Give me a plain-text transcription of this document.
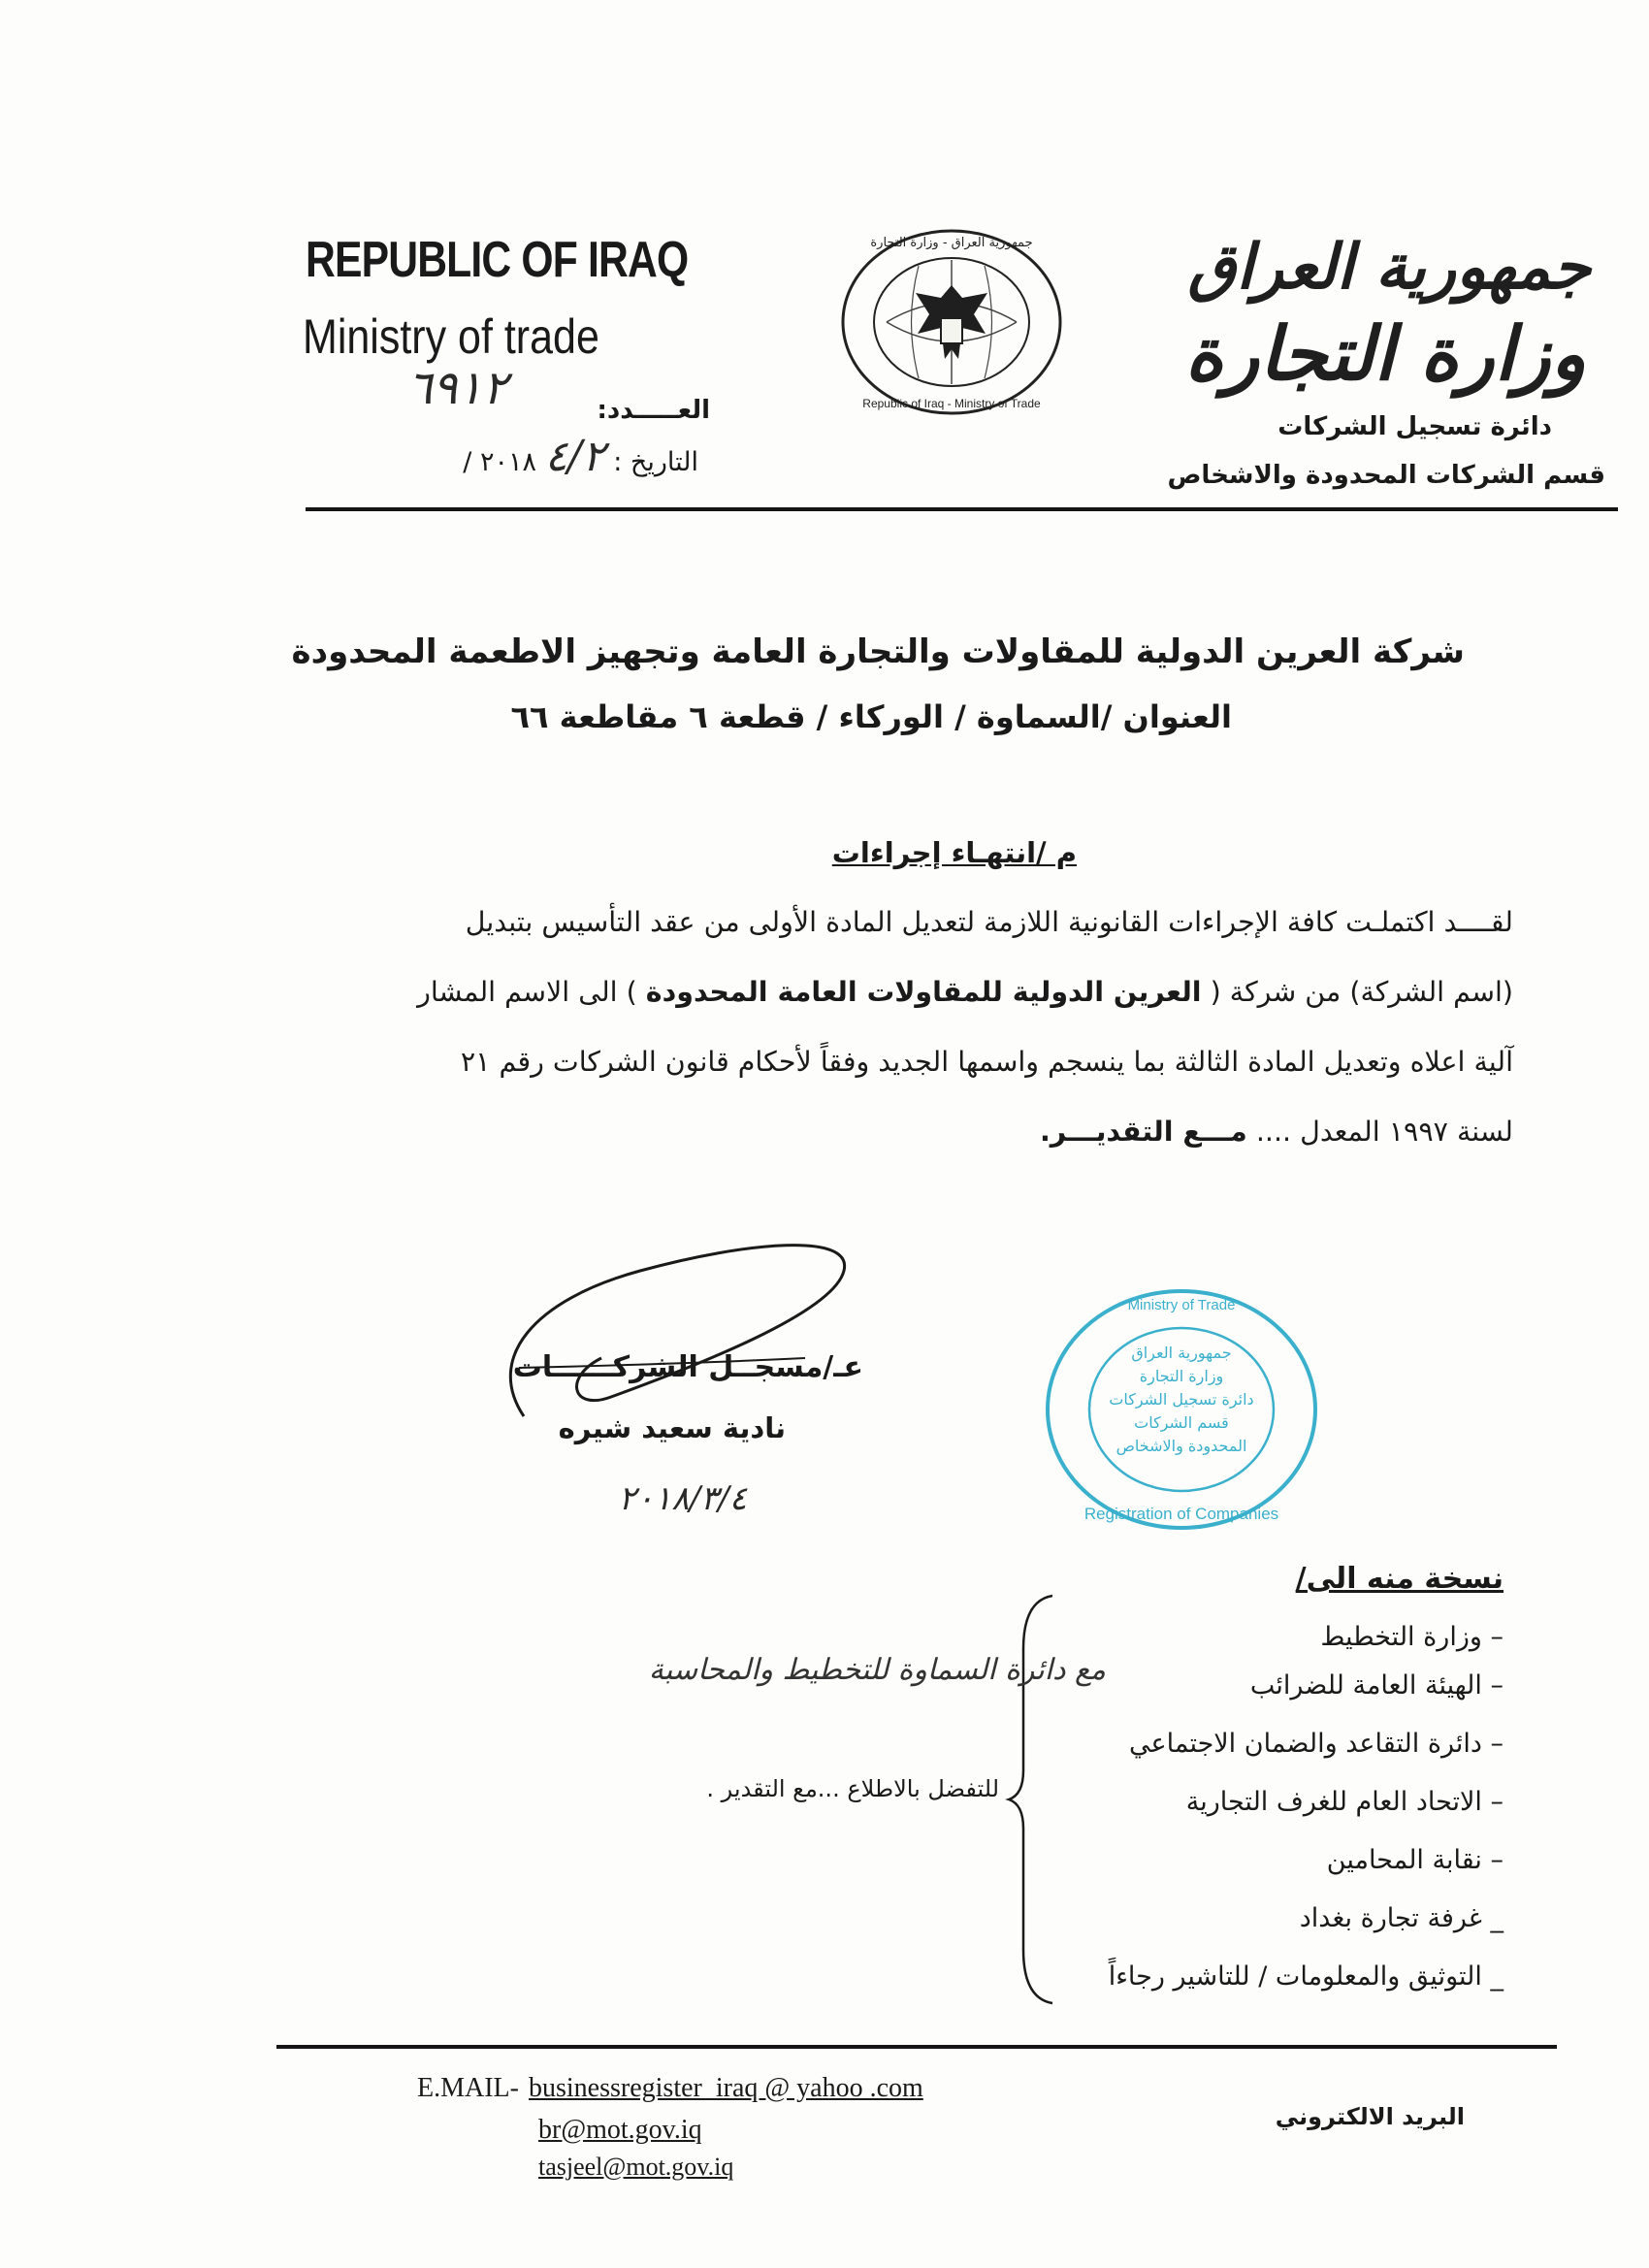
REPUBLIC OF IRAQ
Ministry of trade
٦٩١٢	العـــــدد:
التاريخ : ٤/٢ ٢٠١٨ /
جمهورية العراق - وزارة التجارة
Republic of Iraq - Ministry of Trade
جمهورية العراق
وزارة التجارة
دائرة تسجيل الشركات
قسم الشركات المحدودة والاشخاص
شركة العرين الدولية للمقاولات والتجارة العامة وتجهيز الاطعمة المحدودة
العنوان /السماوة / الوركاء / قطعة ٦ مقاطعة ٦٦
م /انتهـاء إجراءات
لقــــد اكتملـت كافة الإجراءات القانونية اللازمة لتعديل المادة الأولى من عقد التأسيس بتبديل
(اسم الشركة) من شركة ( العرين الدولية للمقاولات العامة المحدودة ) الى الاسم المشار
آلية اعلاه وتعديل المادة الثالثة بما ينسجم واسمها الجديد وفقاً لأحكام قانون الشركات رقم ٢١
لسنة ١٩٩٧ المعدل .... مـــع التقديـــر.
عـ/مسجــل الشركــــــات
نادية سعيد شيره
٢٠١٨/٣/٤
جمهورية العراق
وزارة التجارة
دائرة تسجيل الشركات
قسم الشركات
المحدودة والاشخاص
Ministry of Trade
Registration of Companies
نسخة منه الى/
– وزارة التخطيط
– الهيئة العامة للضرائب
– دائرة التقاعد والضمان الاجتماعي
– الاتحاد العام للغرف التجارية
– نقابة المحامين
_ غرفة تجارة بغداد
_ التوثيق والمعلومات / للتاشير رجاءاً
للتفضل بالاطلاع ...مع التقدير .
مع دائرة السماوة للتخطيط والمحاسبة
E.MAIL- businessregister_iraq @ yahoo .com
br@mot.gov.iq
tasjeel@mot.gov.iq
البريد الالكتروني
